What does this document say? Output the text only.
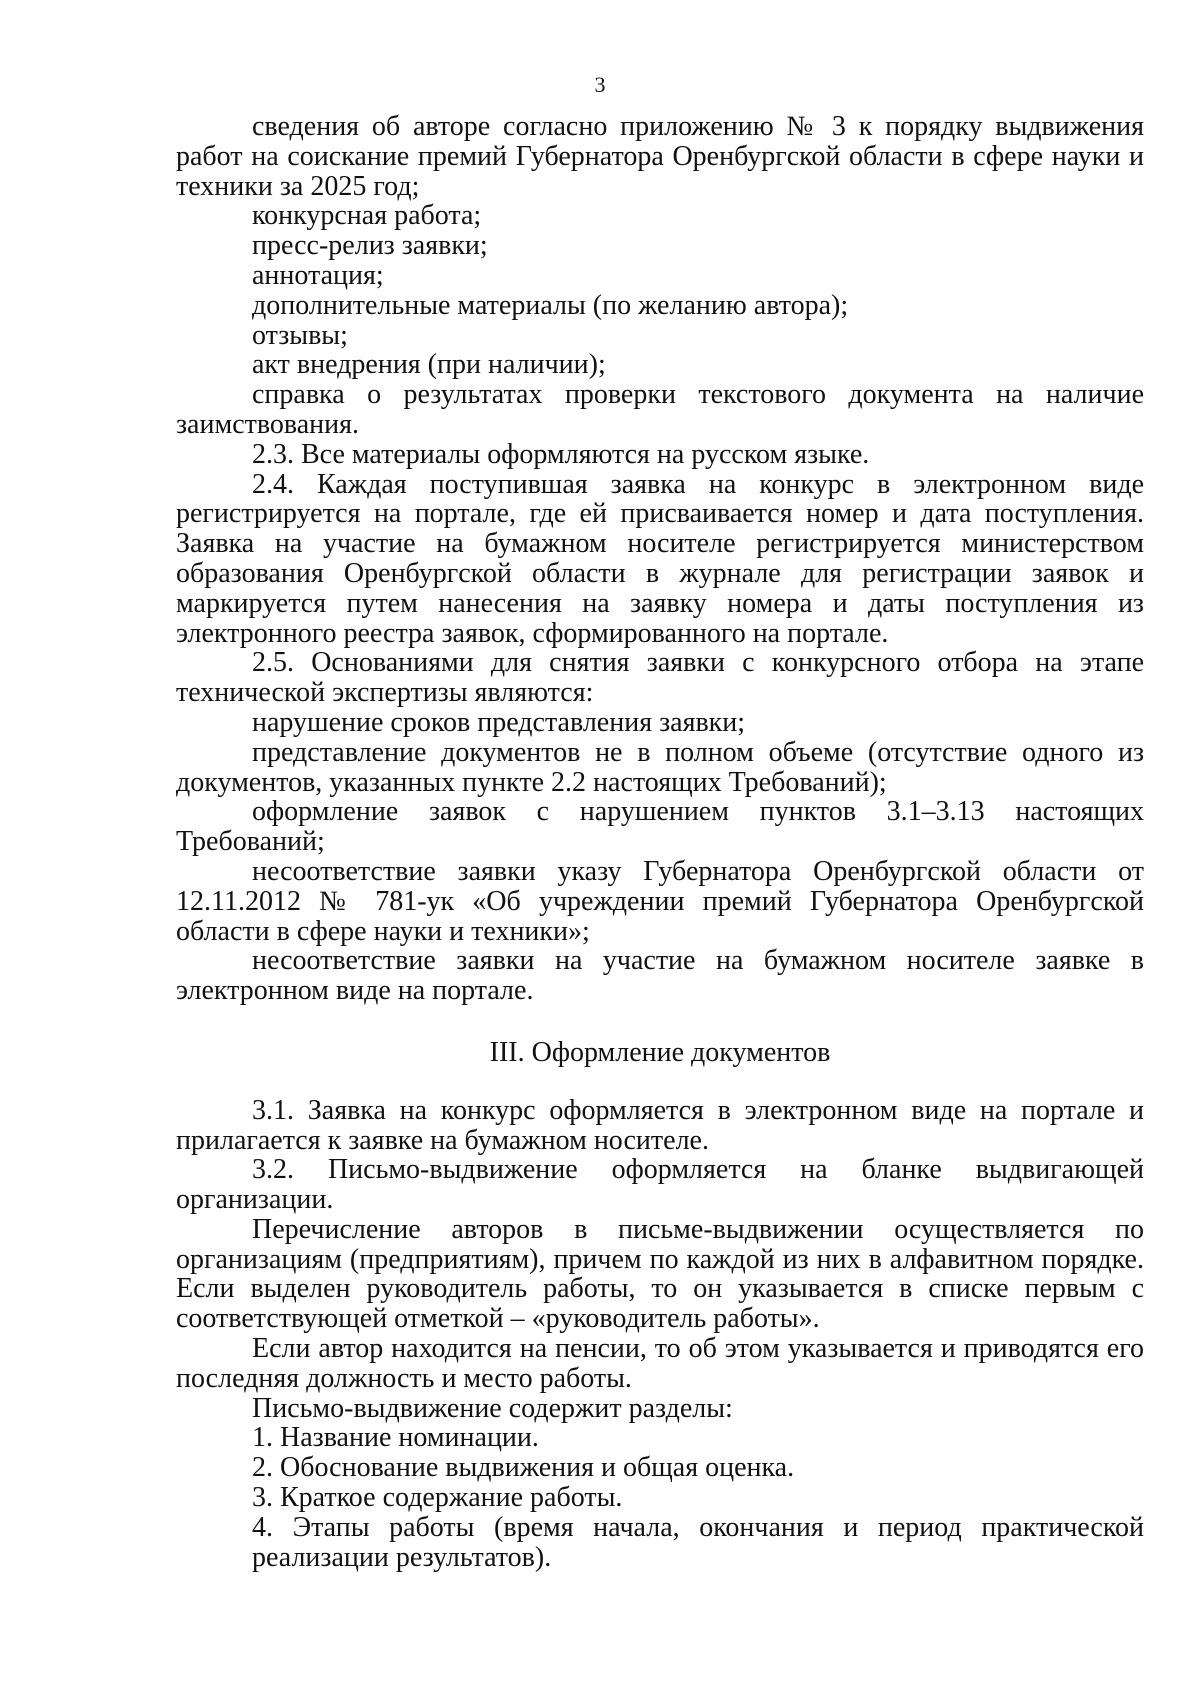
3

сведения об авторе согласно приложению № 3 к порядку выдвижения работ на соискание премий Губернатора Оренбургской области в сфере науки и техники за 2025 год;

конкурсная работа;

пресс-релиз заявки;

аннотация;

дополнительные материалы (по желанию автора);

отзывы;

акт внедрения (при наличии);

справка о результатах проверки текстового документа на наличие заимствования.

2.3. Все материалы оформляются на русском языке.

2.4. Каждая поступившая заявка на конкурс в электронном виде регистрируется на портале, где ей присваивается номер и дата поступления. Заявка на участие на бумажном носителе регистрируется министерством образования Оренбургской области в журнале для регистрации заявок и маркируется путем нанесения на заявку номера и даты поступления из электронного реестра заявок, сформированного на портале.

2.5. Основаниями для снятия заявки с конкурсного отбора на этапе технической экспертизы являются:

нарушение сроков представления заявки;

представление документов не в полном объеме (отсутствие одного из документов, указанных пункте 2.2 настоящих Требований);

оформление заявок с нарушением пунктов 3.1–3.13 настоящих Требований;

несоответствие заявки указу Губернатора Оренбургской области от 12.11.2012 № 781-ук «Об учреждении премий Губернатора Оренбургской области в сфере науки и техники»;

несоответствие заявки на участие на бумажном носителе заявке в электронном виде на портале.

III. Оформление документов

3.1. Заявка на конкурс оформляется в электронном виде на портале и прилагается к заявке на бумажном носителе.

3.2. Письмо-выдвижение оформляется на бланке выдвигающей организации.

Перечисление авторов в письме-выдвижении осуществляется по организациям (предприятиям), причем по каждой из них в алфавитном порядке. Если выделен руководитель работы, то он указывается в списке первым с соответствующей отметкой – «руководитель работы».

Если автор находится на пенсии, то об этом указывается и приводятся его последняя должность и место работы.

Письмо-выдвижение содержит разделы:

1. Название номинации.

2. Обоснование выдвижения и общая оценка.

3. Краткое содержание работы.

4. Этапы работы (время начала, окончания и период практической реализации результатов).
